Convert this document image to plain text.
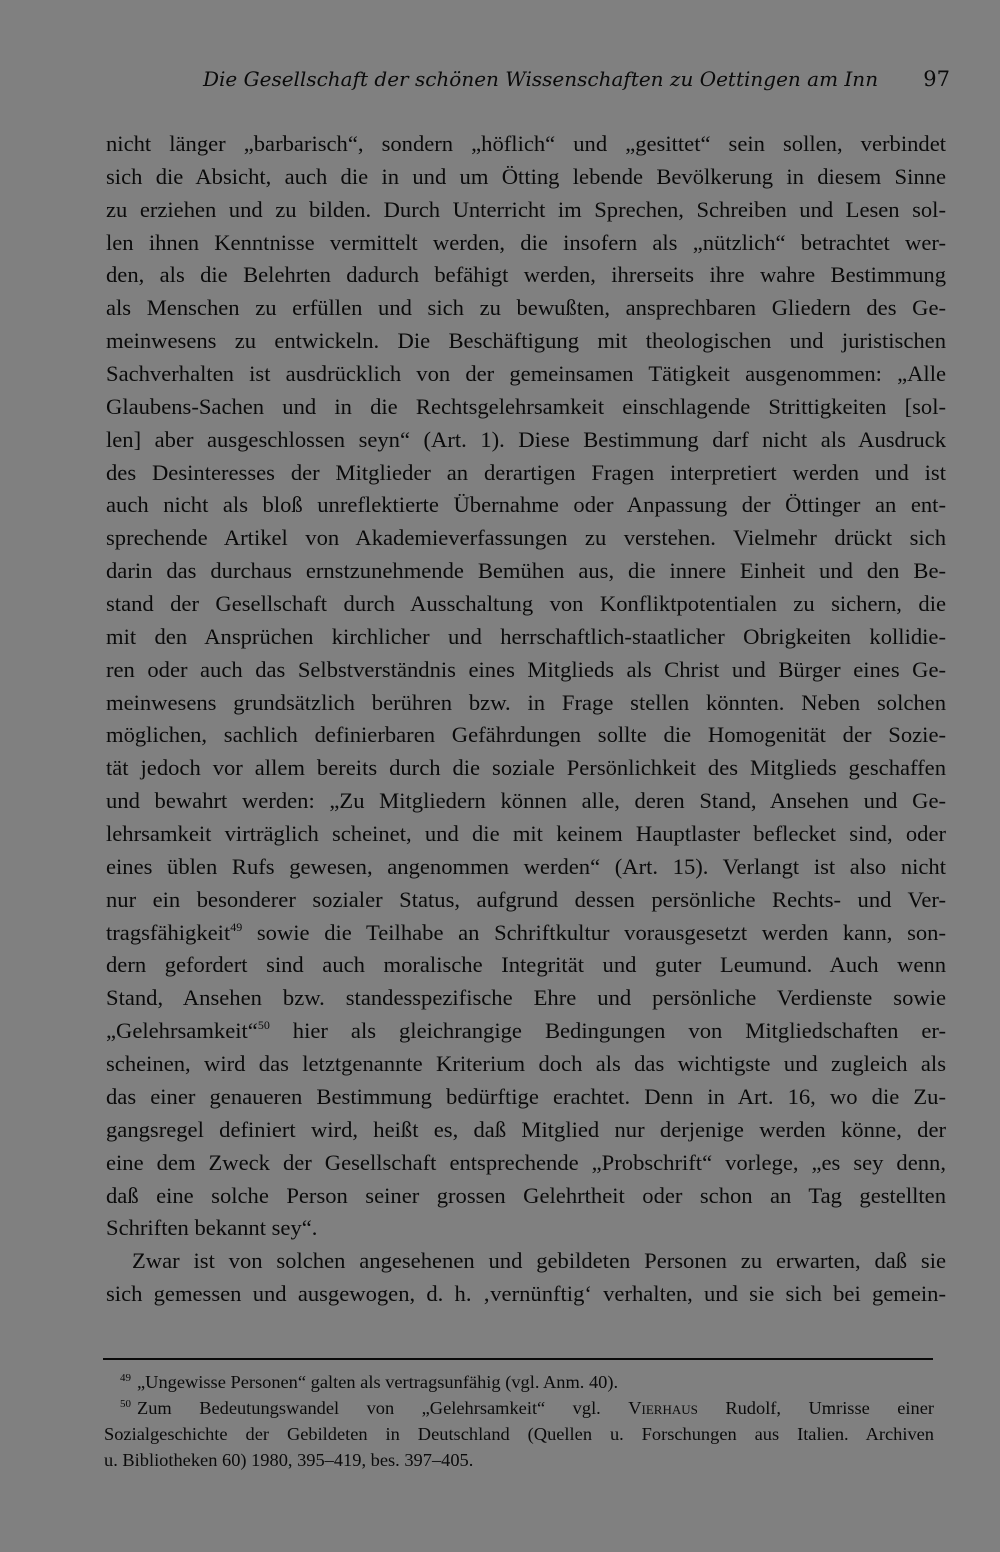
Die Gesellschaft der schönen Wissenschaften zu Oettingen am Inn 97
nicht länger „barbarisch“, sondern „höflich“ und „gesittet“ sein sollen, verbindet
sich die Absicht, auch die in und um Ötting lebende Bevölkerung in diesem Sinne
zu erziehen und zu bilden. Durch Unterricht im Sprechen, Schreiben und Lesen sol-
len ihnen Kenntnisse vermittelt werden, die insofern als „nützlich“ betrachtet wer-
den, als die Belehrten dadurch befähigt werden, ihrerseits ihre wahre Bestimmung
als Menschen zu erfüllen und sich zu bewußten, ansprechbaren Gliedern des Ge-
meinwesens zu entwickeln. Die Beschäftigung mit theologischen und juristischen
Sachverhalten ist ausdrücklich von der gemeinsamen Tätigkeit ausgenommen: „Alle
Glaubens-Sachen und in die Rechtsgelehrsamkeit einschlagende Strittigkeiten [sol-
len] aber ausgeschlossen seyn“ (Art. 1). Diese Bestimmung darf nicht als Ausdruck
des Desinteresses der Mitglieder an derartigen Fragen interpretiert werden und ist
auch nicht als bloß unreflektierte Übernahme oder Anpassung der Öttinger an ent-
sprechende Artikel von Akademieverfassungen zu verstehen. Vielmehr drückt sich
darin das durchaus ernstzunehmende Bemühen aus, die innere Einheit und den Be-
stand der Gesellschaft durch Ausschaltung von Konfliktpotentialen zu sichern, die
mit den Ansprüchen kirchlicher und herrschaftlich-staatlicher Obrigkeiten kollidie-
ren oder auch das Selbstverständnis eines Mitglieds als Christ und Bürger eines Ge-
meinwesens grundsätzlich berühren bzw. in Frage stellen könnten. Neben solchen
möglichen, sachlich definierbaren Gefährdungen sollte die Homogenität der Sozie-
tät jedoch vor allem bereits durch die soziale Persönlichkeit des Mitglieds geschaffen
und bewahrt werden: „Zu Mitgliedern können alle, deren Stand, Ansehen und Ge-
lehrsamkeit virträglich scheinet, und die mit keinem Hauptlaster beflecket sind, oder
eines üblen Rufs gewesen, angenommen werden“ (Art. 15). Verlangt ist also nicht
nur ein besonderer sozialer Status, aufgrund dessen persönliche Rechts- und Ver-
tragsfähigkeit$^{49}$ sowie die Teilhabe an Schriftkultur vorausgesetzt werden kann, son-
dern gefordert sind auch moralische Integrität und guter Leumund. Auch wenn
Stand, Ansehen bzw. standesspezifische Ehre und persönliche Verdienste sowie
„Gelehrsamkeit“$^{50}$ hier als gleichrangige Bedingungen von Mitgliedschaften er-
scheinen, wird das letztgenannte Kriterium doch als das wichtigste und zugleich als
das einer genaueren Bestimmung bedürftige erachtet. Denn in Art. 16, wo die Zu-
gangsregel definiert wird, heißt es, daß Mitglied nur derjenige werden könne, der
eine dem Zweck der Gesellschaft entsprechende „Probschrift“ vorlege, „es sey denn,
daß eine solche Person seiner grossen Gelehrtheit oder schon an Tag gestellten
Schriften bekannt sey“.
Zwar ist von solchen angesehenen und gebildeten Personen zu erwarten, daß sie
sich gemessen und ausgewogen, d. h. ‚vernünftig‘ verhalten, und sie sich bei gemein-
$^{49}$ „Ungewisse Personen“ galten als vertragsunfähig (vgl. Anm. 40).
$^{50}$ Zum Bedeutungswandel von „Gelehrsamkeit“ vgl. Vierhaus Rudolf, Umrisse einer
Sozialgeschichte der Gebildeten in Deutschland (Quellen u. Forschungen aus Italien. Archiven
u. Bibliotheken 60) 1980, 395–419, bes. 397–405.
